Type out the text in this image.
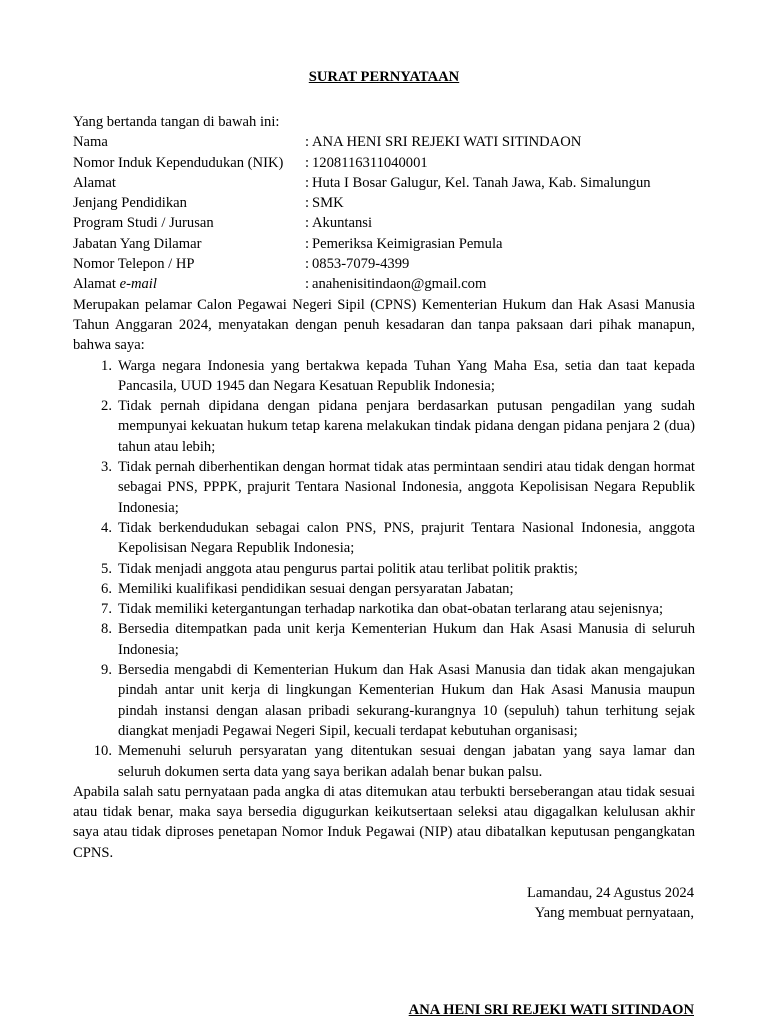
SURAT PERNYATAAN
Yang bertanda tangan di bawah ini:
Nama	: ANA HENI SRI REJEKI WATI SITINDAON
Nomor Induk Kependudukan (NIK)	: 1208116311040001
Alamat	: Huta I Bosar Galugur, Kel. Tanah Jawa, Kab. Simalungun
Jenjang Pendidikan	: SMK
Program Studi / Jurusan	: Akuntansi
Jabatan Yang Dilamar	: Pemeriksa Keimigrasian Pemula
Nomor Telepon / HP	: 0853-7079-4399
Alamat e-mail	: anahenisitindaon@gmail.com

Merupakan pelamar Calon Pegawai Negeri Sipil (CPNS) Kementerian Hukum dan Hak Asasi Manusia Tahun Anggaran 2024, menyatakan dengan penuh kesadaran dan tanpa paksaan dari pihak manapun, bahwa saya:

1. Warga negara Indonesia yang bertakwa kepada Tuhan Yang Maha Esa, setia dan taat kepada Pancasila, UUD 1945 dan Negara Kesatuan Republik Indonesia;
2. Tidak pernah dipidana dengan pidana penjara berdasarkan putusan pengadilan yang sudah mempunyai kekuatan hukum tetap karena melakukan tindak pidana dengan pidana penjara 2 (dua) tahun atau lebih;
3. Tidak pernah diberhentikan dengan hormat tidak atas permintaan sendiri atau tidak dengan hormat sebagai PNS, PPPK, prajurit Tentara Nasional Indonesia, anggota Kepolisisan Negara Republik Indonesia;
4. Tidak berkendudukan sebagai calon PNS, PNS, prajurit Tentara Nasional Indonesia, anggota Kepolisisan Negara Republik Indonesia;
5. Tidak menjadi anggota atau pengurus partai politik atau terlibat politik praktis;
6. Memiliki kualifikasi pendidikan sesuai dengan persyaratan Jabatan;
7. Tidak memiliki ketergantungan terhadap narkotika dan obat-obatan terlarang atau sejenisnya;
8. Bersedia ditempatkan pada unit kerja Kementerian Hukum dan Hak Asasi Manusia di seluruh Indonesia;
9. Bersedia mengabdi di Kementerian Hukum dan Hak Asasi Manusia dan tidak akan mengajukan pindah antar unit kerja di lingkungan Kementerian Hukum dan Hak Asasi Manusia maupun pindah instansi dengan alasan pribadi sekurang-kurangnya 10 (sepuluh) tahun terhitung sejak diangkat menjadi Pegawai Negeri Sipil, kecuali terdapat kebutuhan organisasi;
10. Memenuhi seluruh persyaratan yang ditentukan sesuai dengan jabatan yang saya lamar dan seluruh dokumen serta data yang saya berikan adalah benar bukan palsu.

Apabila salah satu pernyataan pada angka di atas ditemukan atau terbukti berseberangan atau tidak sesuai atau tidak benar, maka saya bersedia digugurkan keikutsertaan seleksi atau digagalkan kelulusan akhir saya atau tidak diproses penetapan Nomor Induk Pegawai (NIP) atau dibatalkan keputusan pengangkatan CPNS.

Lamandau, 24 Agustus 2024
Yang membuat pernyataan,
ANA HENI SRI REJEKI WATI SITINDAON
